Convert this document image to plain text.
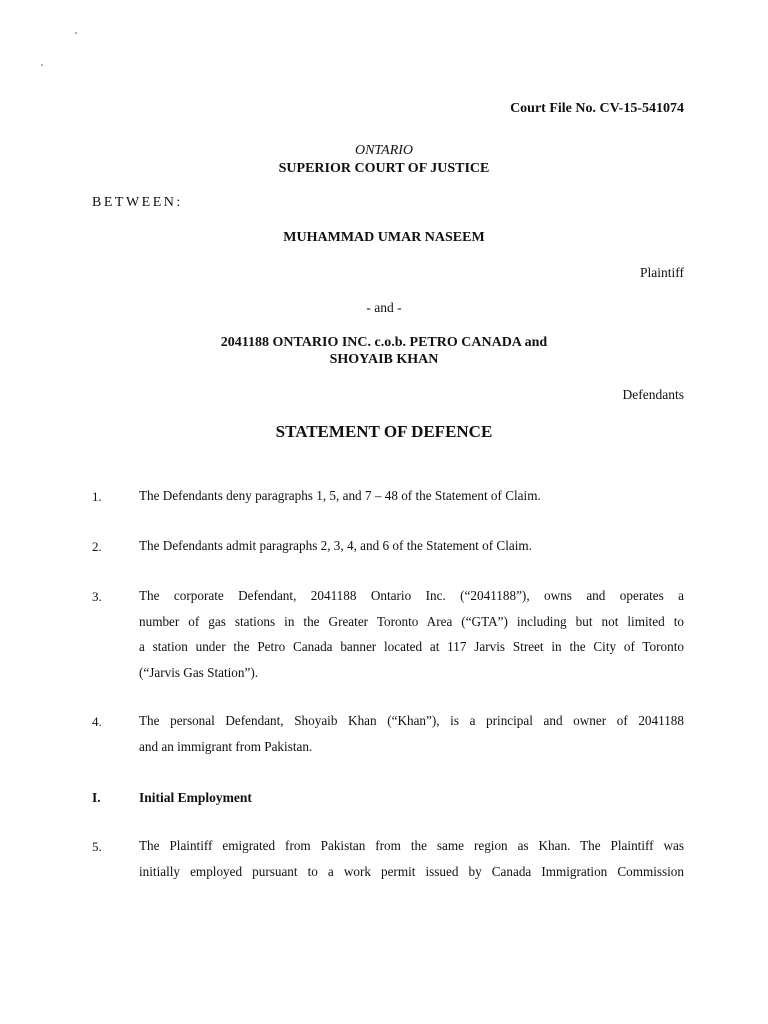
Court File No. CV-15-541074
ONTARIO
SUPERIOR COURT OF JUSTICE
BETWEEN:
MUHAMMAD UMAR NASEEM
Plaintiff
- and -
2041188 ONTARIO INC. c.o.b. PETRO CANADA and
SHOYAIB KHAN
Defendants
STATEMENT OF DEFENCE
1.	The Defendants deny paragraphs 1, 5, and 7 – 48 of the Statement of Claim.
2.	The Defendants admit paragraphs 2, 3, 4, and 6 of the Statement of Claim.
3.	The corporate Defendant, 2041188 Ontario Inc. (“2041188”), owns and operates a
number of gas stations in the Greater Toronto Area (“GTA”) including but not limited to
a station under the Petro Canada banner located at 117 Jarvis Street in the City of Toronto
(“Jarvis Gas Station”).
4.	The personal Defendant, Shoyaib Khan (“Khan”), is a principal and owner of 2041188
and an immigrant from Pakistan.
I.	Initial Employment
5.	The Plaintiff emigrated from Pakistan from the same region as Khan. The Plaintiff was
initially employed pursuant to a work permit issued by Canada Immigration Commission
